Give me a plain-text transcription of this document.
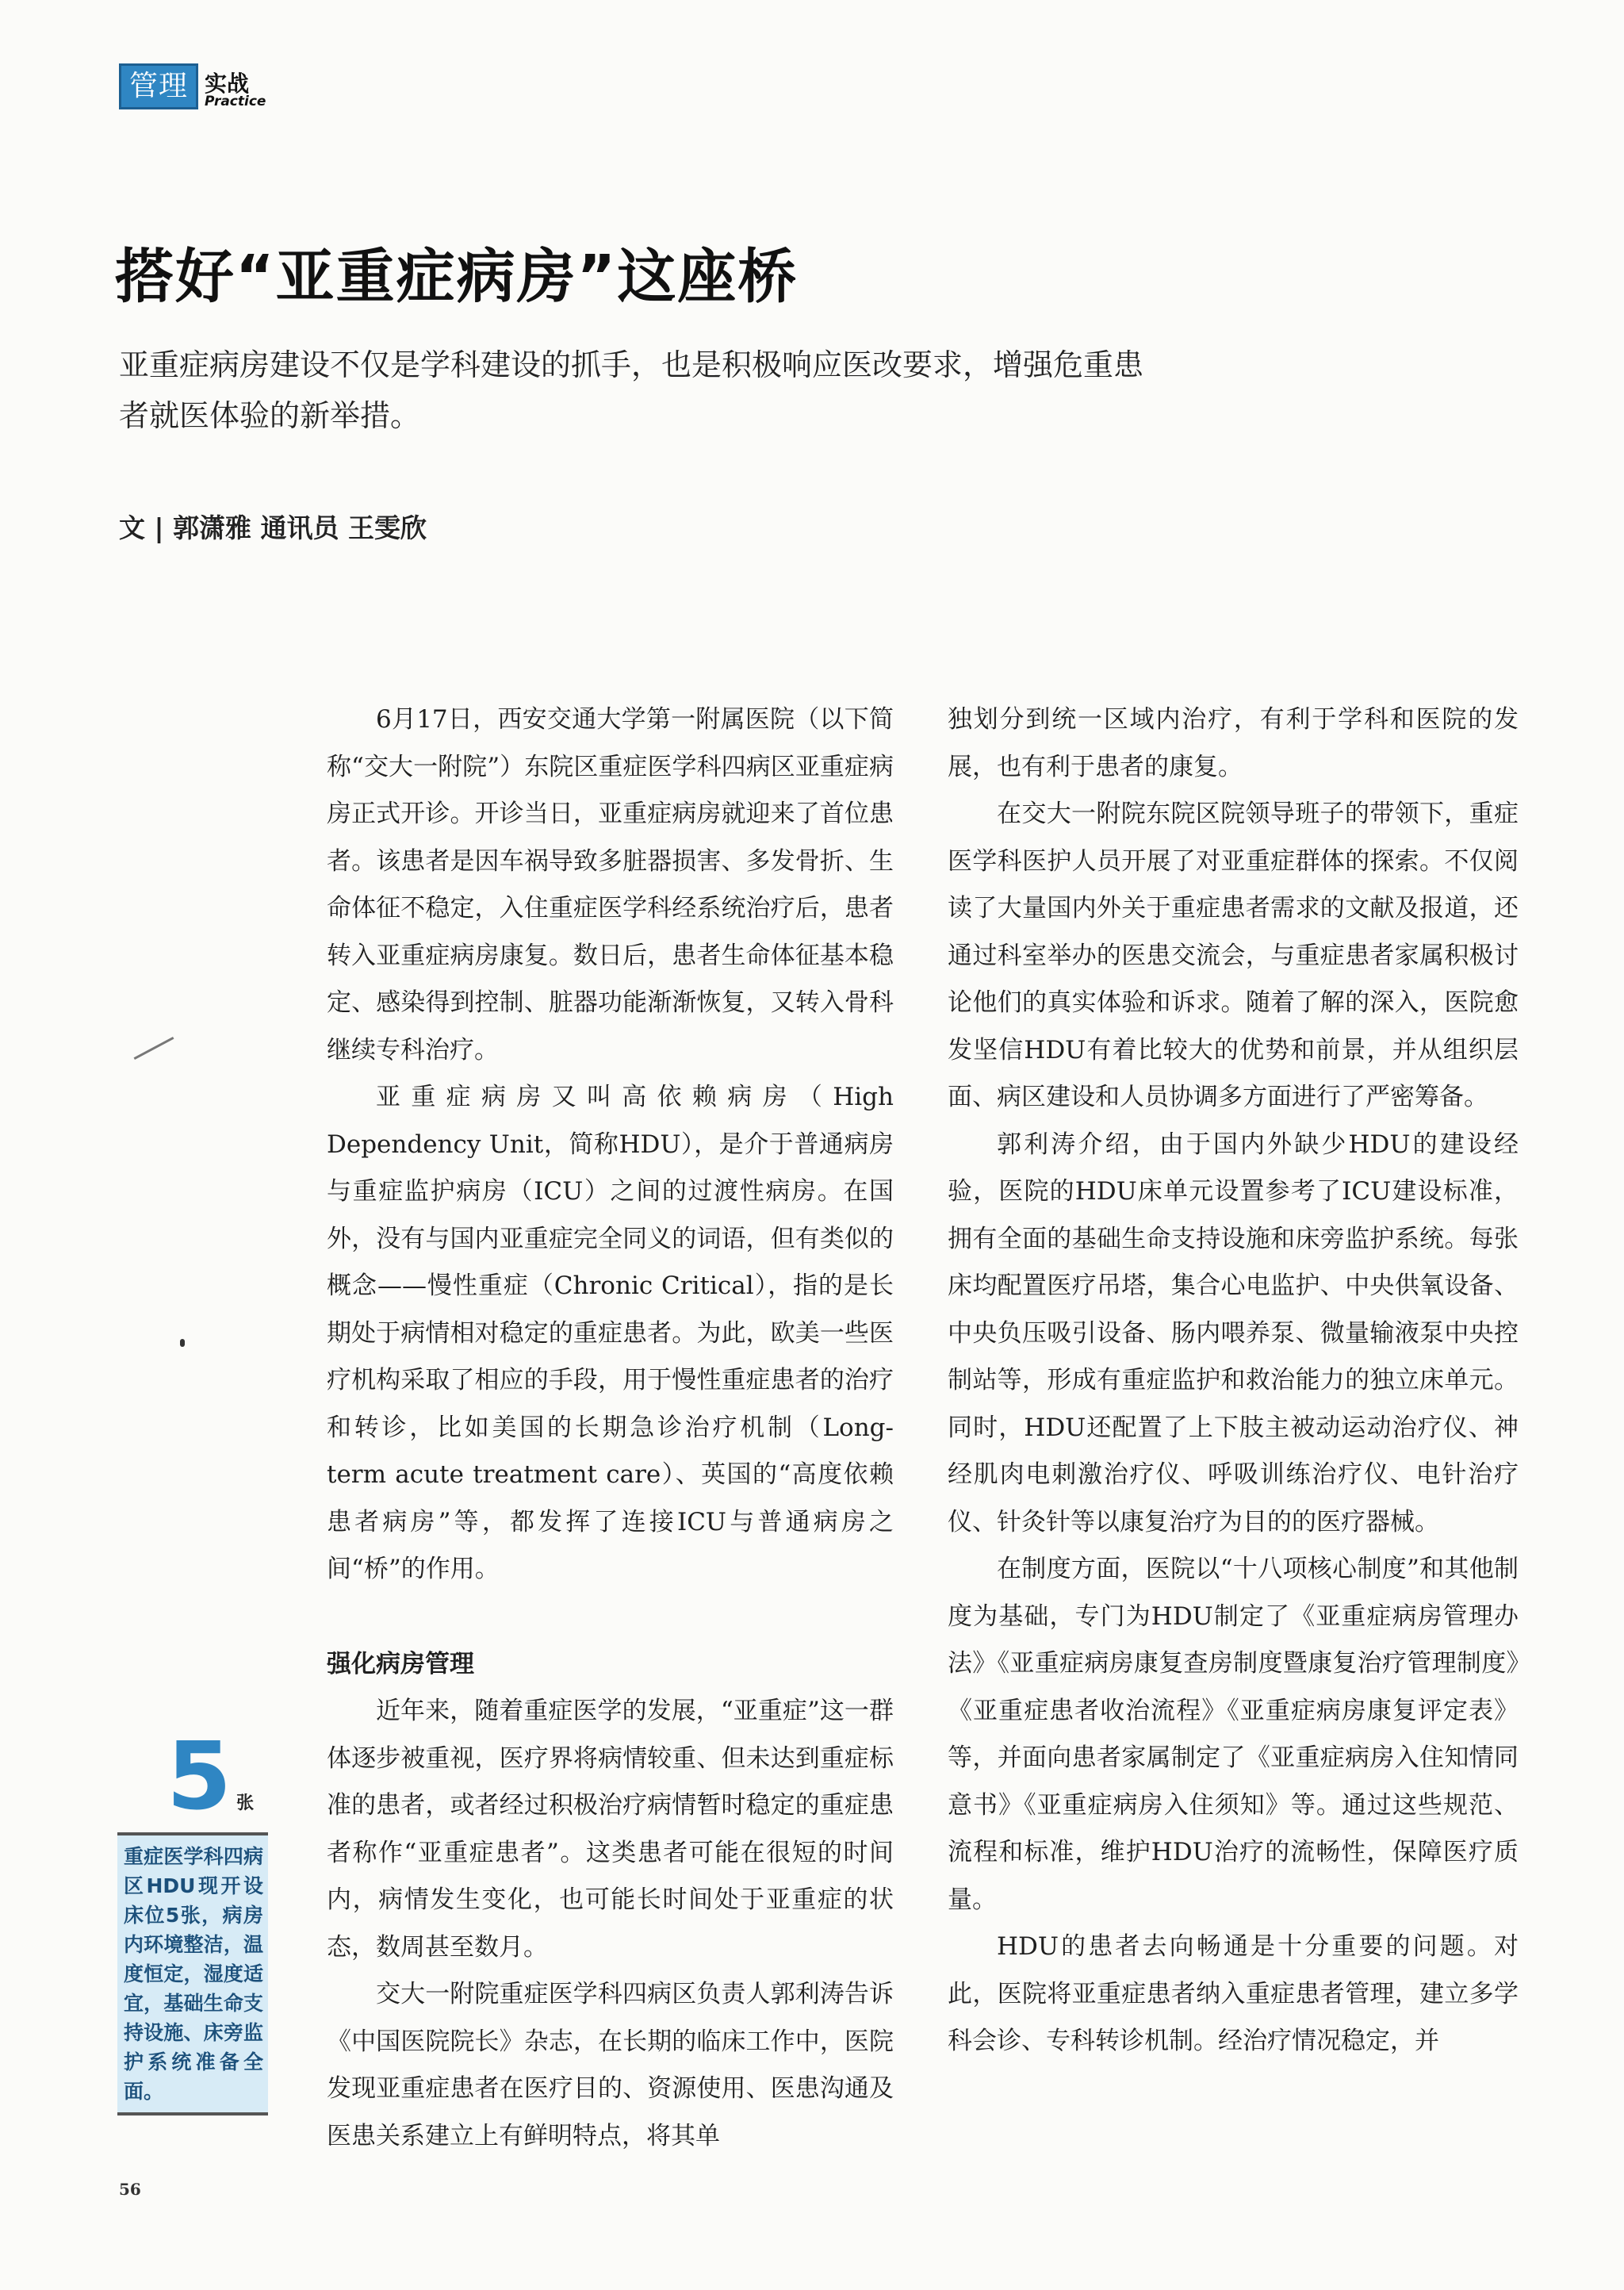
管理 实战
Practice
搭好“亚重症病房”这座桥
亚重症病房建设不仅是学科建设的抓手，也是积极响应医改要求，增强危重患者就医体验的新举措。
文 | 郭潇雅 通讯员 王雯欣

6月17日，西安交通大学第一附属医院（以下简称“交大一附院”）东院区重症医学科四病区亚重症病房正式开诊。开诊当日，亚重症病房就迎来了首位患者。该患者是因车祸导致多脏器损害、多发骨折、生命体征不稳定，入住重症医学科经系统治疗后，患者转入亚重症病房康复。数日后，患者生命体征基本稳定、感染得到控制、脏器功能渐渐恢复，又转入骨科继续专科治疗。

亚重症病房又叫高依赖病房（High Dependency Unit，简称HDU），是介于普通病房与重症监护病房（ICU）之间的过渡性病房。在国外，没有与国内亚重症完全同义的词语，但有类似的概念——慢性重症（Chronic Critical），指的是长期处于病情相对稳定的重症患者。为此，欧美一些医疗机构采取了相应的手段，用于慢性重症患者的治疗和转诊，比如美国的长期急诊治疗机制（Long-term acute treatment care）、英国的“高度依赖患者病房”等，都发挥了连接ICU与普通病房之间“桥”的作用。

强化病房管理

近年来，随着重症医学的发展，“亚重症”这一群体逐步被重视，医疗界将病情较重、但未达到重症标准的患者，或者经过积极治疗病情暂时稳定的重症患者称作“亚重症患者”。这类患者可能在很短的时间内，病情发生变化，也可能长时间处于亚重症的状态，数周甚至数月。

交大一附院重症医学科四病区负责人郭利涛告诉《中国医院院长》杂志，在长期的临床工作中，医院发现亚重症患者在医疗目的、资源使用、医患沟通及医患关系建立上有鲜明特点，将其单

独划分到统一区域内治疗，有利于学科和医院的发展，也有利于患者的康复。

在交大一附院东院区院领导班子的带领下，重症医学科医护人员开展了对亚重症群体的探索。不仅阅读了大量国内外关于重症患者需求的文献及报道，还通过科室举办的医患交流会，与重症患者家属积极讨论他们的真实体验和诉求。随着了解的深入，医院愈发坚信HDU有着比较大的优势和前景，并从组织层面、病区建设和人员协调多方面进行了严密筹备。

郭利涛介绍，由于国内外缺少HDU的建设经验，医院的HDU床单元设置参考了ICU建设标准，拥有全面的基础生命支持设施和床旁监护系统。每张床均配置医疗吊塔，集合心电监护、中央供氧设备、中央负压吸引设备、肠内喂养泵、微量输液泵中央控制站等，形成有重症监护和救治能力的独立床单元。同时，HDU还配置了上下肢主被动运动治疗仪、神经肌肉电刺激治疗仪、呼吸训练治疗仪、电针治疗仪、针灸针等以康复治疗为目的的医疗器械。

在制度方面，医院以“十八项核心制度”和其他制度为基础，专门为HDU制定了《亚重症病房管理办法》《亚重症病房康复查房制度暨康复治疗管理制度》《亚重症患者收治流程》《亚重症病房康复评定表》等，并面向患者家属制定了《亚重症病房入住知情同意书》《亚重症病房入住须知》等。通过这些规范、流程和标准，维护HDU治疗的流畅性，保障医疗质量。

HDU的患者去向畅通是十分重要的问题。对此，医院将亚重症患者纳入重症患者管理，建立多学科会诊、专科转诊机制。经治疗情况稳定，并

5 张
重症医学科四病区HDU现开设床位5张，病房内环境整洁，温度恒定，湿度适宜，基础生命支持设施、床旁监护系统准备全面。
56
